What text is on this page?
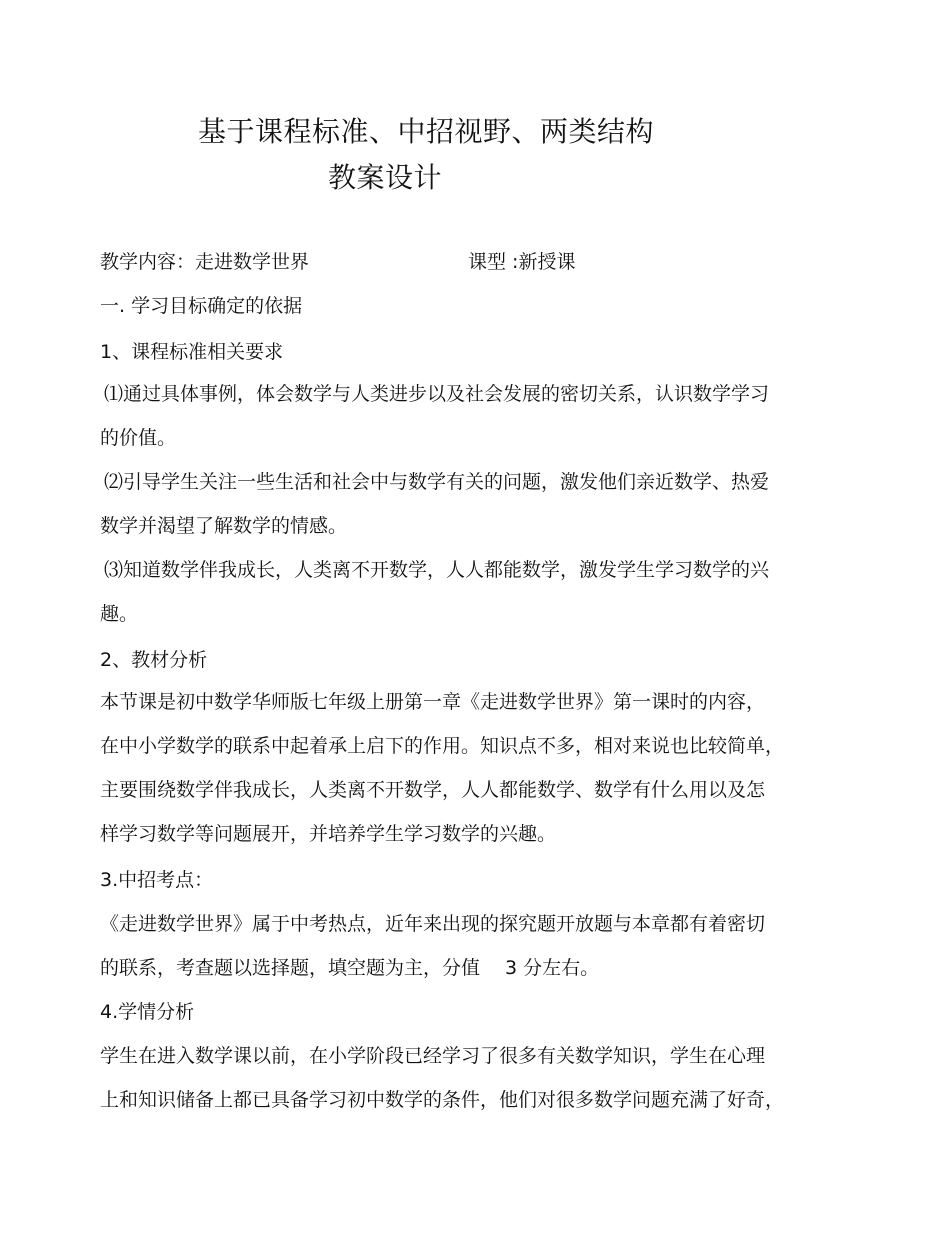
基于课程标准、中招视野、两类结构
教案设计
教学内容：走进数学世界	课型 :新授课
一. 学习目标确定的依据
1、课程标准相关要求
⑴通过具体事例，体会数学与人类进步以及社会发展的密切关系，认识数学学习
的价值。
⑵引导学生关注一些生活和社会中与数学有关的问题，激发他们亲近数学、热爱
数学并渴望了解数学的情感。
⑶知道数学伴我成长，人类离不开数学，人人都能数学，激发学生学习数学的兴
趣。
2、教材分析
本节课是初中数学华师版七年级上册第一章《走进数学世界》第一课时的内容，
在中小学数学的联系中起着承上启下的作用。知识点不多，相对来说也比较简单，
主要围绕数学伴我成长，人类离不开数学，人人都能数学、数学有什么用以及怎
样学习数学等问题展开，并培养学生学习数学的兴趣。
3.中招考点：
《走进数学世界》属于中考热点，近年来出现的探究题开放题与本章都有着密切
的联系，考查题以选择题，填空题为主，分值　 3 分左右。
4.学情分析
学生在进入数学课以前，在小学阶段已经学习了很多有关数学知识，学生在心理
上和知识储备上都已具备学习初中数学的条件，他们对很多数学问题充满了好奇，
